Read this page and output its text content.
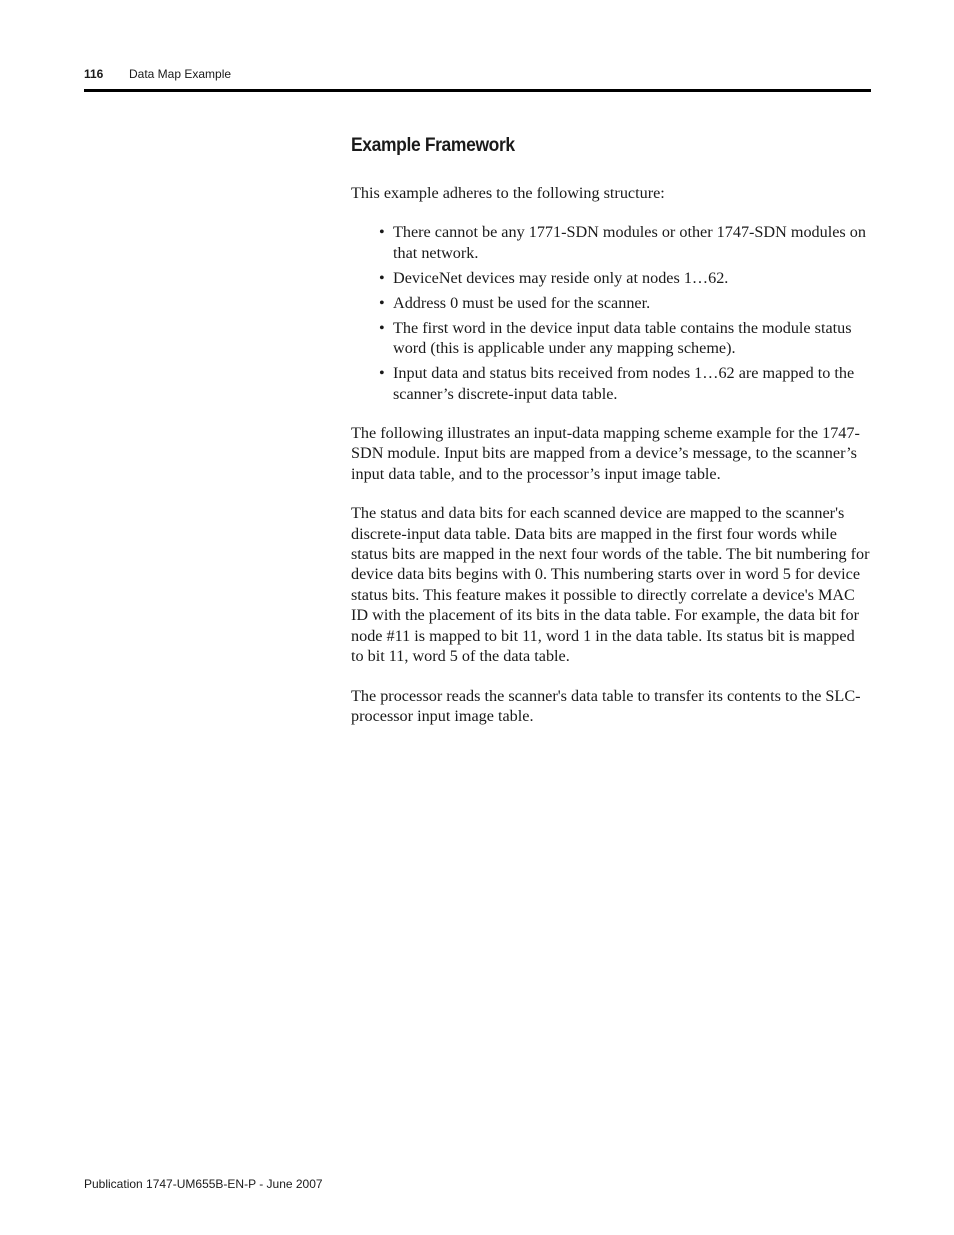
116 Data Map Example
Example Framework

This example adheres to the following structure:

• There cannot be any 1771-SDN modules or other 1747-SDN modules on that network.
• DeviceNet devices may reside only at nodes 1…62.
• Address 0 must be used for the scanner.
• The first word in the device input data table contains the module status word (this is applicable under any mapping scheme).
• Input data and status bits received from nodes 1…62 are mapped to the scanner’s discrete-input data table.

The following illustrates an input-data mapping scheme example for the 1747-SDN module. Input bits are mapped from a device’s message, to the scanner’s input data table, and to the processor’s input image table.

The status and data bits for each scanned device are mapped to the scanner's discrete-input data table. Data bits are mapped in the first four words while status bits are mapped in the next four words of the table. The bit numbering for device data bits begins with 0. This numbering starts over in word 5 for device status bits. This feature makes it possible to directly correlate a device's MAC ID with the placement of its bits in the data table. For example, the data bit for node #11 is mapped to bit 11, word 1 in the data table. Its status bit is mapped to bit 11, word 5 of the data table.

The processor reads the scanner's data table to transfer its contents to the SLC-processor input image table.

Publication 1747-UM655B-EN-P - June 2007
